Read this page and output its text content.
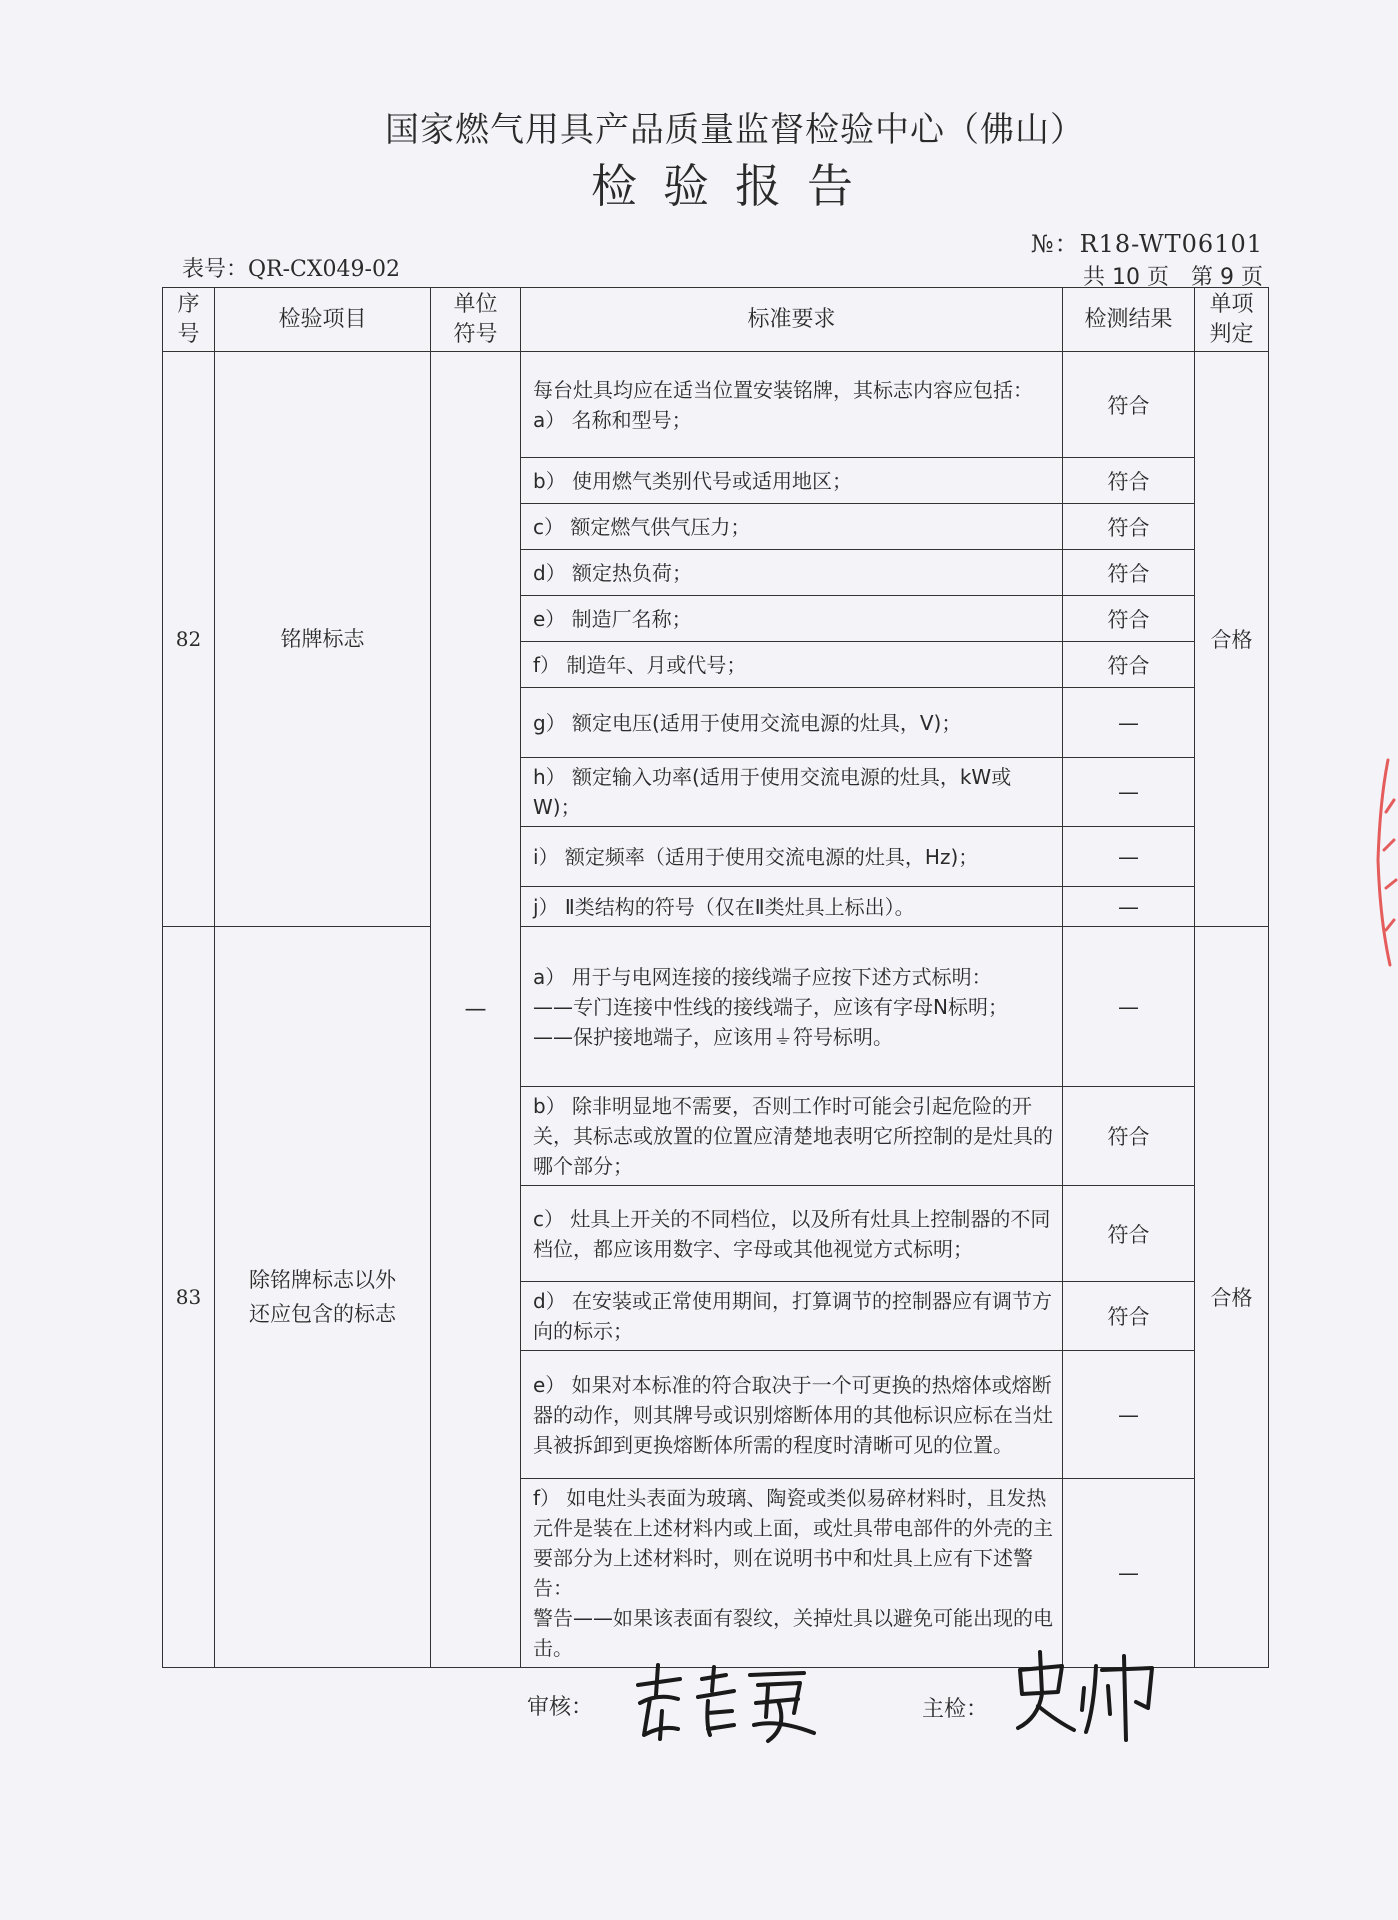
国家燃气用具产品质量监督检验中心（佛山）
检验报告
№：R18-WT06101
表号：QR-CX049-02	共 10 页　第 9 页
序号	检验项目	单位符号	标准要求	检测结果	单项判定
82	铭牌标志	—	每台灶具均应在适当位置安装铭牌，其标志内容应包括：
a） 名称和型号；	符合	合格
			b） 使用燃气类别代号或适用地区；	符合	
			c） 额定燃气供气压力；	符合	
			d） 额定热负荷；	符合	
			e） 制造厂名称；	符合	
			f） 制造年、月或代号；	符合	
			g） 额定电压(适用于使用交流电源的灶具，V)；	—	
			h） 额定输入功率(适用于使用交流电源的灶具，kW或W)；	—	
			i） 额定频率（适用于使用交流电源的灶具，Hz)；	—	
			j） Ⅱ类结构的符号（仅在Ⅱ类灶具上标出）。	—	
83	除铭牌标志以外还应包含的标志		a） 用于与电网连接的接线端子应按下述方式标明：
——专门连接中性线的接线端子，应该有字母N标明；
——保护接地端子，应该用⏚符号标明。	—	合格
			b） 除非明显地不需要，否则工作时可能会引起危险的开关，其标志或放置的位置应清楚地表明它所控制的是灶具的哪个部分；	符合	
			c） 灶具上开关的不同档位，以及所有灶具上控制器的不同档位，都应该用数字、字母或其他视觉方式标明；	符合	
			d） 在安装或正常使用期间，打算调节的控制器应有调节方向的标示；	符合	
			e） 如果对本标准的符合取决于一个可更换的热熔体或熔断器的动作，则其牌号或识别熔断体用的其他标识应标在当灶具被拆卸到更换熔断体所需的程度时清晰可见的位置。	—	
			f） 如电灶头表面为玻璃、陶瓷或类似易碎材料时，且发热元件是装在上述材料内或上面，或灶具带电部件的外壳的主要部分为上述材料时，则在说明书中和灶具上应有下述警告：
警告——如果该表面有裂纹，关掉灶具以避免可能出现的电击。	—	
审核：	主检：
